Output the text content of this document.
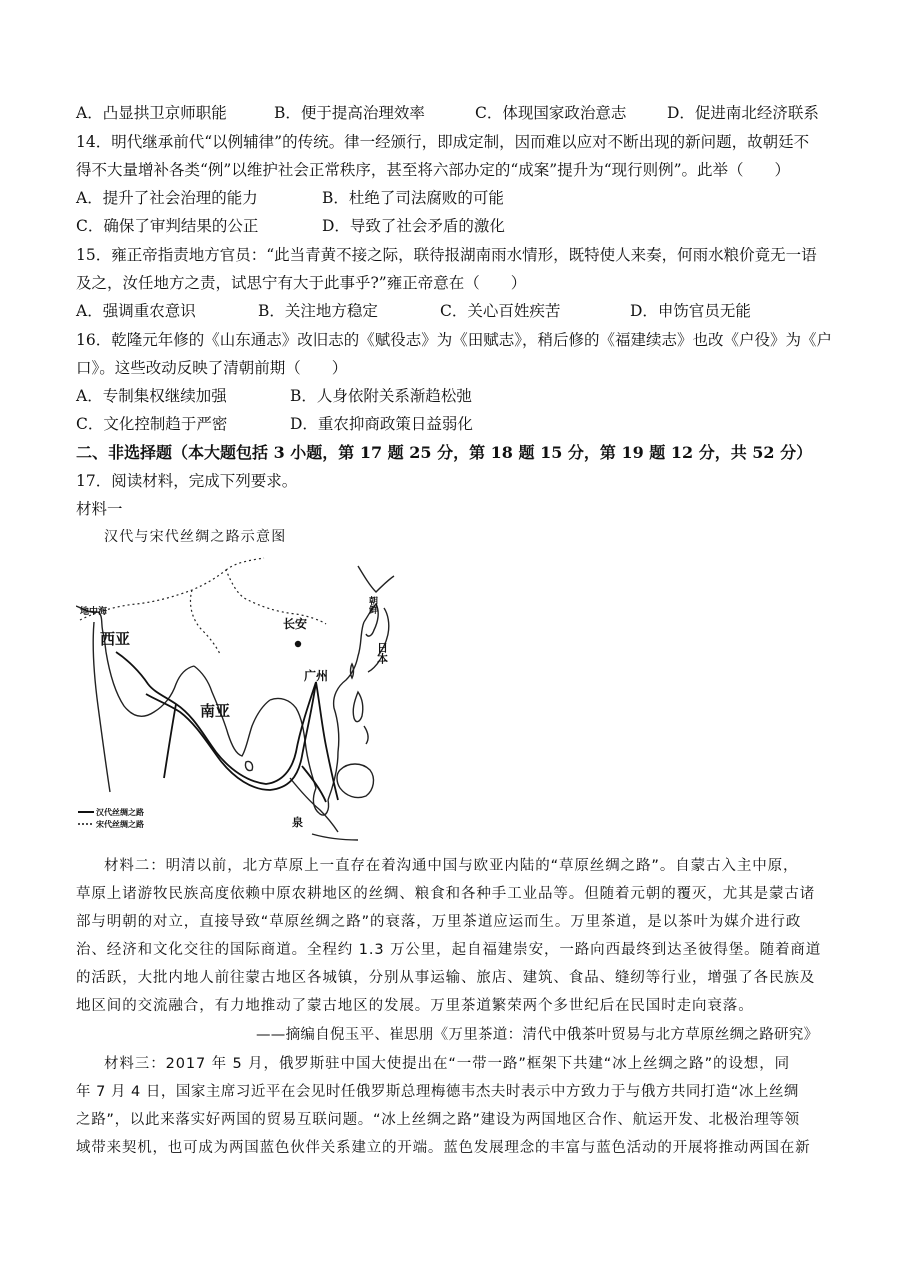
A．凸显拱卫京师职能	B．便于提高治理效率	C．体现国家政治意志	D．促进南北经济联系
14．明代继承前代“以例辅律”的传统。律一经颁行，即成定制，因而难以应对不断出现的新问题，故朝廷不
得不大量增补各类“例”以维护社会正常秩序，甚至将六部办定的“成案”提升为“现行则例”。此举（　　）
A．提升了社会治理的能力	B．杜绝了司法腐败的可能
C．确保了审判结果的公正	D．导致了社会矛盾的激化
15．雍正帝指责地方官员：“此当青黄不接之际，联待报湖南雨水情形，既特使人来奏，何雨水粮价竟无一语
及之，汝任地方之责，试思宁有大于此事乎?”雍正帝意在（　　）
A．强调重农意识	B．关注地方稳定	C．关心百姓疾苦	D．申饬官员无能
16．乾隆元年修的《山东通志》改旧志的《赋役志》为《田赋志》，稍后修的《福建续志》也改《户役》为《户
口》。这些改动反映了清朝前期（　　）
A．专制集权继续加强	B．人身依附关系渐趋松弛
C．文化控制趋于严密	D．重农抑商政策日益弱化
二、非选择题（本大题包括 3 小题，第 17 题 25 分，第 18 题 15 分，第 19 题 12 分，共 52 分）
17．阅读材料，完成下列要求。
材料一
汉代与宋代丝绸之路示意图
地中海
西亚
长安
南亚
广州
日本
朝鲜
泉
汉代丝绸之路
宋代丝绸之路
材料二：明清以前，北方草原上一直存在着沟通中国与欧亚内陆的“草原丝绸之路”。自蒙古入主中原，
草原上诸游牧民族高度依赖中原农耕地区的丝绸、粮食和各种手工业品等。但随着元朝的覆灭，尤其是蒙古诸
部与明朝的对立，直接导致“草原丝绸之路”的衰落，万里茶道应运而生。万里茶道，是以茶叶为媒介进行政
治、经济和文化交往的国际商道。全程约 1.3 万公里，起自福建崇安，一路向西最终到达圣彼得堡。随着商道
的活跃，大批内地人前往蒙古地区各城镇，分别从事运输、旅店、建筑、食品、缝纫等行业，增强了各民族及
地区间的交流融合，有力地推动了蒙古地区的发展。万里茶道繁荣两个多世纪后在民国时走向衰落。
——摘编自倪玉平、崔思朋《万里茶道：清代中俄茶叶贸易与北方草原丝绸之路研究》
材料三：2017 年 5 月，俄罗斯驻中国大使提出在“一带一路”框架下共建“冰上丝绸之路”的设想，同
年 7 月 4 日，国家主席习近平在会见时任俄罗斯总理梅德韦杰夫时表示中方致力于与俄方共同打造“冰上丝绸
之路”，以此来落实好两国的贸易互联问题。“冰上丝绸之路”建设为两国地区合作、航运开发、北极治理等领
域带来契机，也可成为两国蓝色伙伴关系建立的开端。蓝色发展理念的丰富与蓝色活动的开展将推动两国在新
